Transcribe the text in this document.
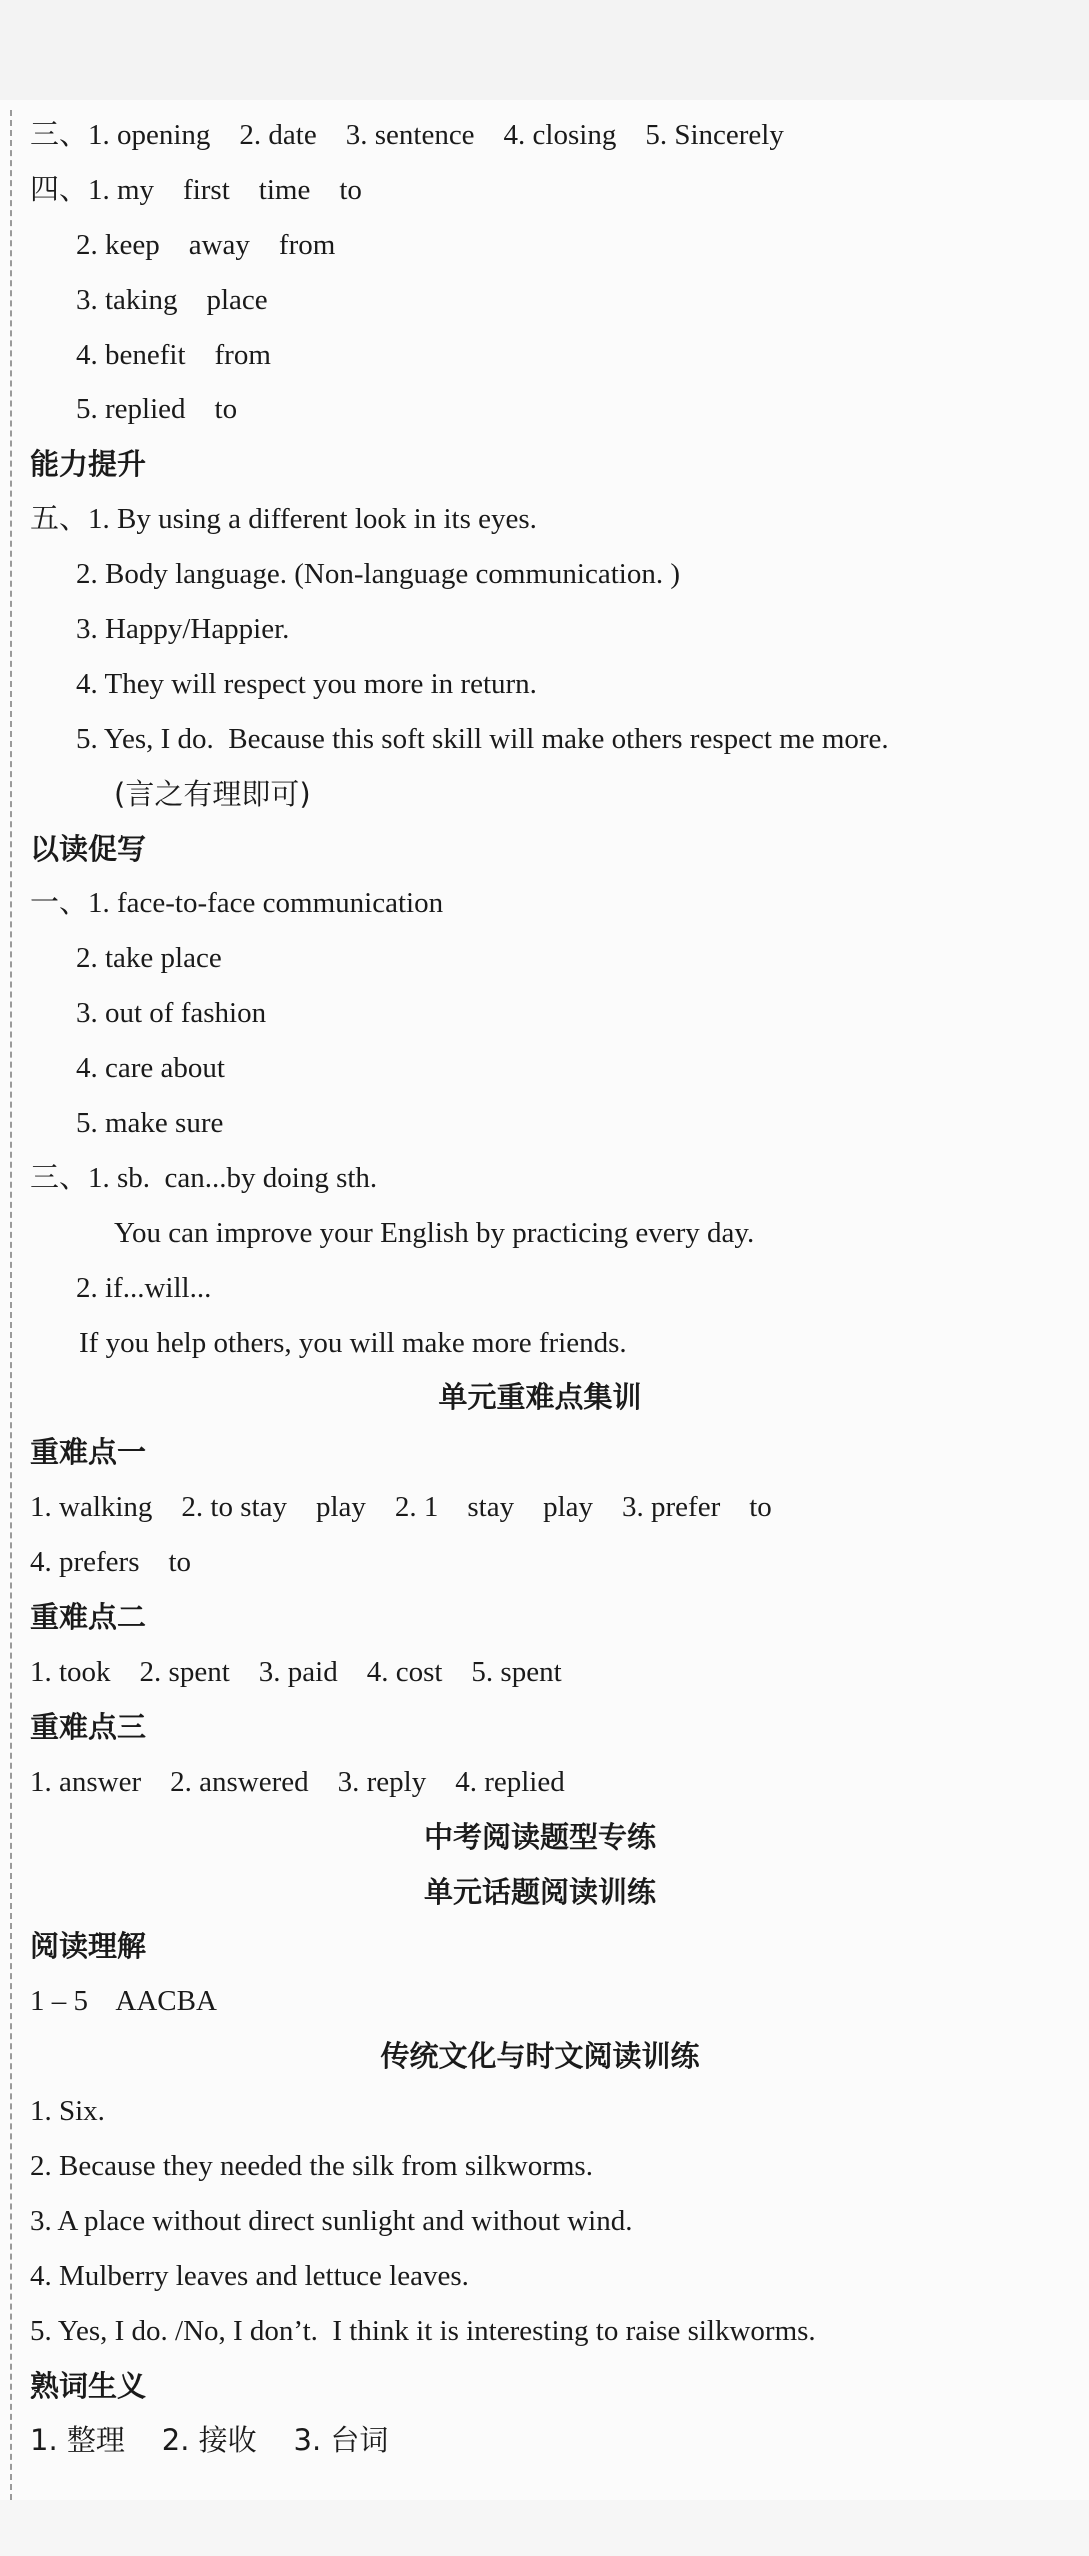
三、1. opening    2. date    3. sentence    4. closing    5. Sincerely
四、1. my    first    time    to
2. keep    away    from
3. taking    place
4. benefit    from
5. replied    to
能力提升
五、1. By using a different look in its eyes.
2. Body language. (Non-language communication. )
3. Happy/Happier.
4. They will respect you more in return.
5. Yes, I do.  Because this soft skill will make others respect me more.
(言之有理即可)
以读促写
一、1. face-to-face communication
2. take place
3. out of fashion
4. care about
5. make sure
三、1. sb.  can...by doing sth.
You can improve your English by practicing every day.
2. if...will...
If you help others, you will make more friends.
单元重难点集训
重难点一
1. walking    2. to stay    play    2. 1    stay    play    3. prefer    to
4. prefers    to
重难点二
1. took    2. spent    3. paid    4. cost    5. spent
重难点三
1. answer    2. answered    3. reply    4. replied
中考阅读题型专练
单元话题阅读训练
阅读理解
1 – 5    AACBA
传统文化与时文阅读训练
1. Six.
2. Because they needed the silk from silkworms.
3. A place without direct sunlight and without wind.
4. Mulberry leaves and lettuce leaves.
5. Yes, I do. /No, I don’t.  I think it is interesting to raise silkworms.
熟词生义
1. 整理    2. 接收    3. 台词
